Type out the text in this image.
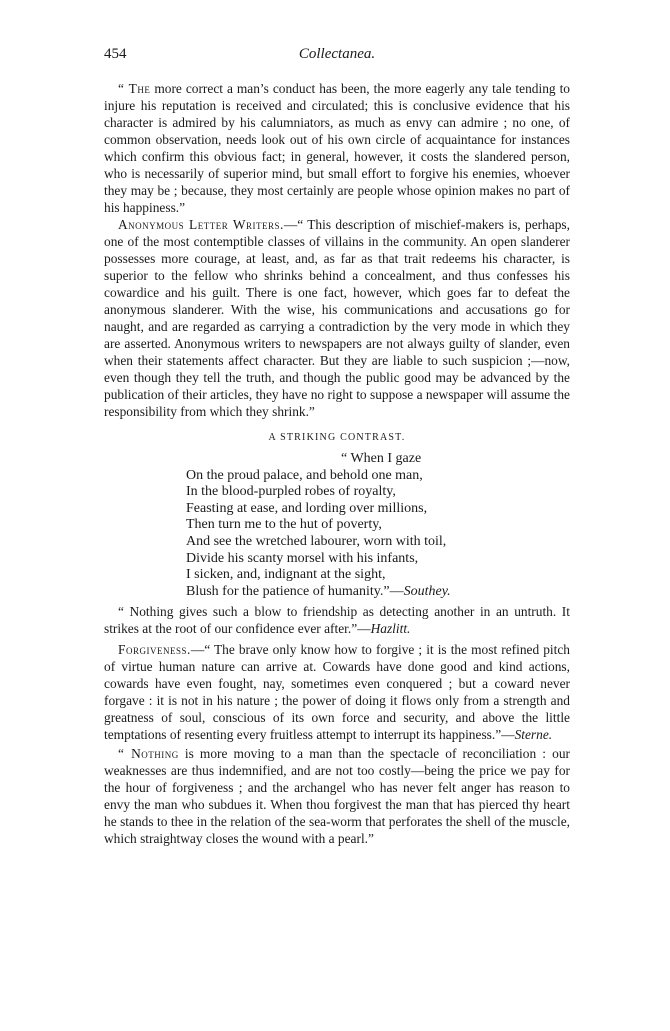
454	Collectanea.

“ The more correct a man’s conduct has been, the more eagerly any tale tending to injure his reputation is received and circulated; this is conclusive evidence that his character is admired by his calumniators, as much as envy can admire ; no one, of common observation, needs look out of his own circle of acquaintance for instances which confirm this obvious fact; in general, however, it costs the slandered person, who is necessarily of superior mind, but small effort to forgive his enemies, whoever they may be ; because, they most certainly are people whose opinion makes no part of his happiness.”

Anonymous Letter Writers.—“ This description of mischief-makers is, perhaps, one of the most contemptible classes of villains in the community. An open slanderer possesses more courage, at least, and, as far as that trait redeems his character, is superior to the fellow who shrinks behind a concealment, and thus confesses his cowardice and his guilt. There is one fact, however, which goes far to defeat the anonymous slanderer. With the wise, his communications and accusations go for naught, and are regarded as carrying a contradiction by the very mode in which they are asserted. Anonymous writers to newspapers are not always guilty of slander, even when their statements affect character. But they are liable to such suspicion ;—now, even though they tell the truth, and though the public good may be advanced by the publication of their articles, they have no right to suppose a newspaper will assume the responsibility from which they shrink.”

A STRIKING CONTRAST.
“ When I gaze
On the proud palace, and behold one man,
In the blood-purpled robes of royalty,
Feasting at ease, and lording over millions,
Then turn me to the hut of poverty,
And see the wretched labourer, worn with toil,
Divide his scanty morsel with his infants,
I sicken, and, indignant at the sight,
Blush for the patience of humanity.”—Southey.

“ Nothing gives such a blow to friendship as detecting another in an untruth. It strikes at the root of our confidence ever after.”—Hazlitt.

Forgiveness.—“ The brave only know how to forgive ; it is the most refined pitch of virtue human nature can arrive at. Cowards have done good and kind actions, cowards have even fought, nay, sometimes even conquered ; but a coward never forgave : it is not in his nature ; the power of doing it flows only from a strength and greatness of soul, conscious of its own force and security, and above the little temptations of resenting every fruitless attempt to interrupt its happiness.”—Sterne.

“ Nothing is more moving to a man than the spectacle of reconciliation : our weaknesses are thus indemnified, and are not too costly—being the price we pay for the hour of forgiveness ; and the archangel who has never felt anger has reason to envy the man who subdues it. When thou forgivest the man that has pierced thy heart he stands to thee in the relation of the sea-worm that perforates the shell of the muscle, which straightway closes the wound with a pearl.”
